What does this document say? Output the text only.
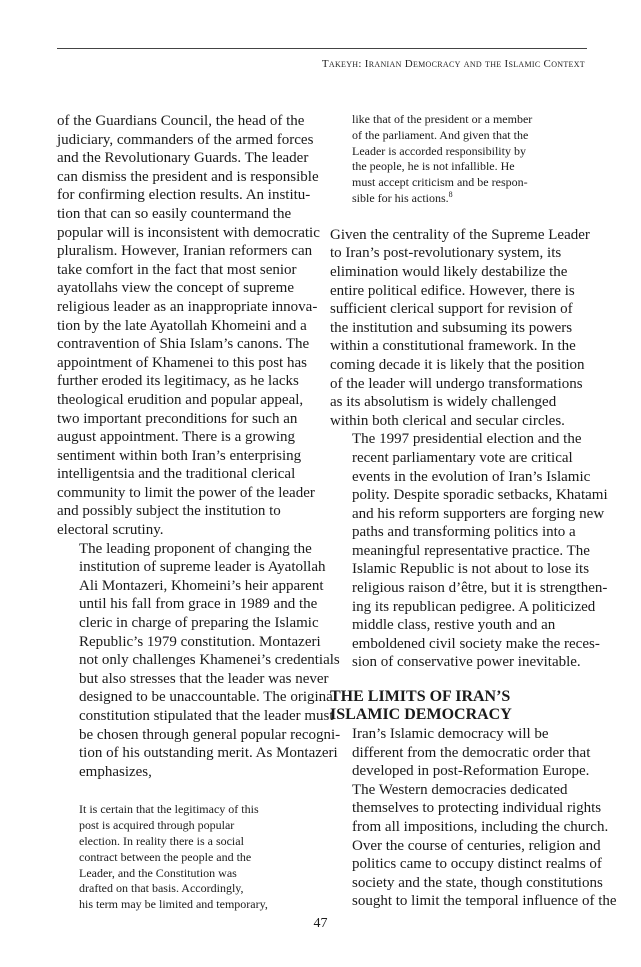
Takeyh: Iranian Democracy and the Islamic Context

of the Guardians Council, the head of the
judiciary, commanders of the armed forces
and the Revolutionary Guards. The leader
can dismiss the president and is responsible
for confirming election results. An institu-
tion that can so easily countermand the
popular will is inconsistent with democratic
pluralism. However, Iranian reformers can
take comfort in the fact that most senior
ayatollahs view the concept of supreme
religious leader as an inappropriate innova-
tion by the late Ayatollah Khomeini and a
contravention of Shia Islam’s canons. The
appointment of Khamenei to this post has
further eroded its legitimacy, as he lacks
theological erudition and popular appeal,
two important preconditions for such an
august appointment. There is a growing
sentiment within both Iran’s enterprising
intelligentsia and the traditional clerical
community to limit the power of the leader
and possibly subject the institution to
electoral scrutiny.

The leading proponent of changing the
institution of supreme leader is Ayatollah
Ali Montazeri, Khomeini’s heir apparent
until his fall from grace in 1989 and the
cleric in charge of preparing the Islamic
Republic’s 1979 constitution. Montazeri
not only challenges Khamenei’s credentials
but also stresses that the leader was never
designed to be unaccountable. The original
constitution stipulated that the leader must
be chosen through general popular recogni-
tion of his outstanding merit. As Montazeri
emphasizes,

It is certain that the legitimacy of this
post is acquired through popular
election. In reality there is a social
contract between the people and the
Leader, and the Constitution was
drafted on that basis. Accordingly,
his term may be limited and temporary,
like that of the president or a member
of the parliament. And given that the
Leader is accorded responsibility by
the people, he is not infallible. He
must accept criticism and be respon-
sible for his actions.$^8$

Given the centrality of the Supreme Leader
to Iran’s post-revolutionary system, its
elimination would likely destabilize the
entire political edifice. However, there is
sufficient clerical support for revision of
the institution and subsuming its powers
within a constitutional framework. In the
coming decade it is likely that the position
of the leader will undergo transformations
as its absolutism is widely challenged
within both clerical and secular circles.

The 1997 presidential election and the
recent parliamentary vote are critical
events in the evolution of Iran’s Islamic
polity. Despite sporadic setbacks, Khatami
and his reform supporters are forging new
paths and transforming politics into a
meaningful representative practice. The
Islamic Republic is not about to lose its
religious raison d’être, but it is strengthen-
ing its republican pedigree. A politicized
middle class, restive youth and an
emboldened civil society make the reces-
sion of conservative power inevitable.

THE LIMITS OF IRAN’S
ISLAMIC DEMOCRACY

Iran’s Islamic democracy will be
different from the democratic order that
developed in post-Reformation Europe.
The Western democracies dedicated
themselves to protecting individual rights
from all impositions, including the church.
Over the course of centuries, religion and
politics came to occupy distinct realms of
society and the state, though constitutions
sought to limit the temporal influence of the

47
